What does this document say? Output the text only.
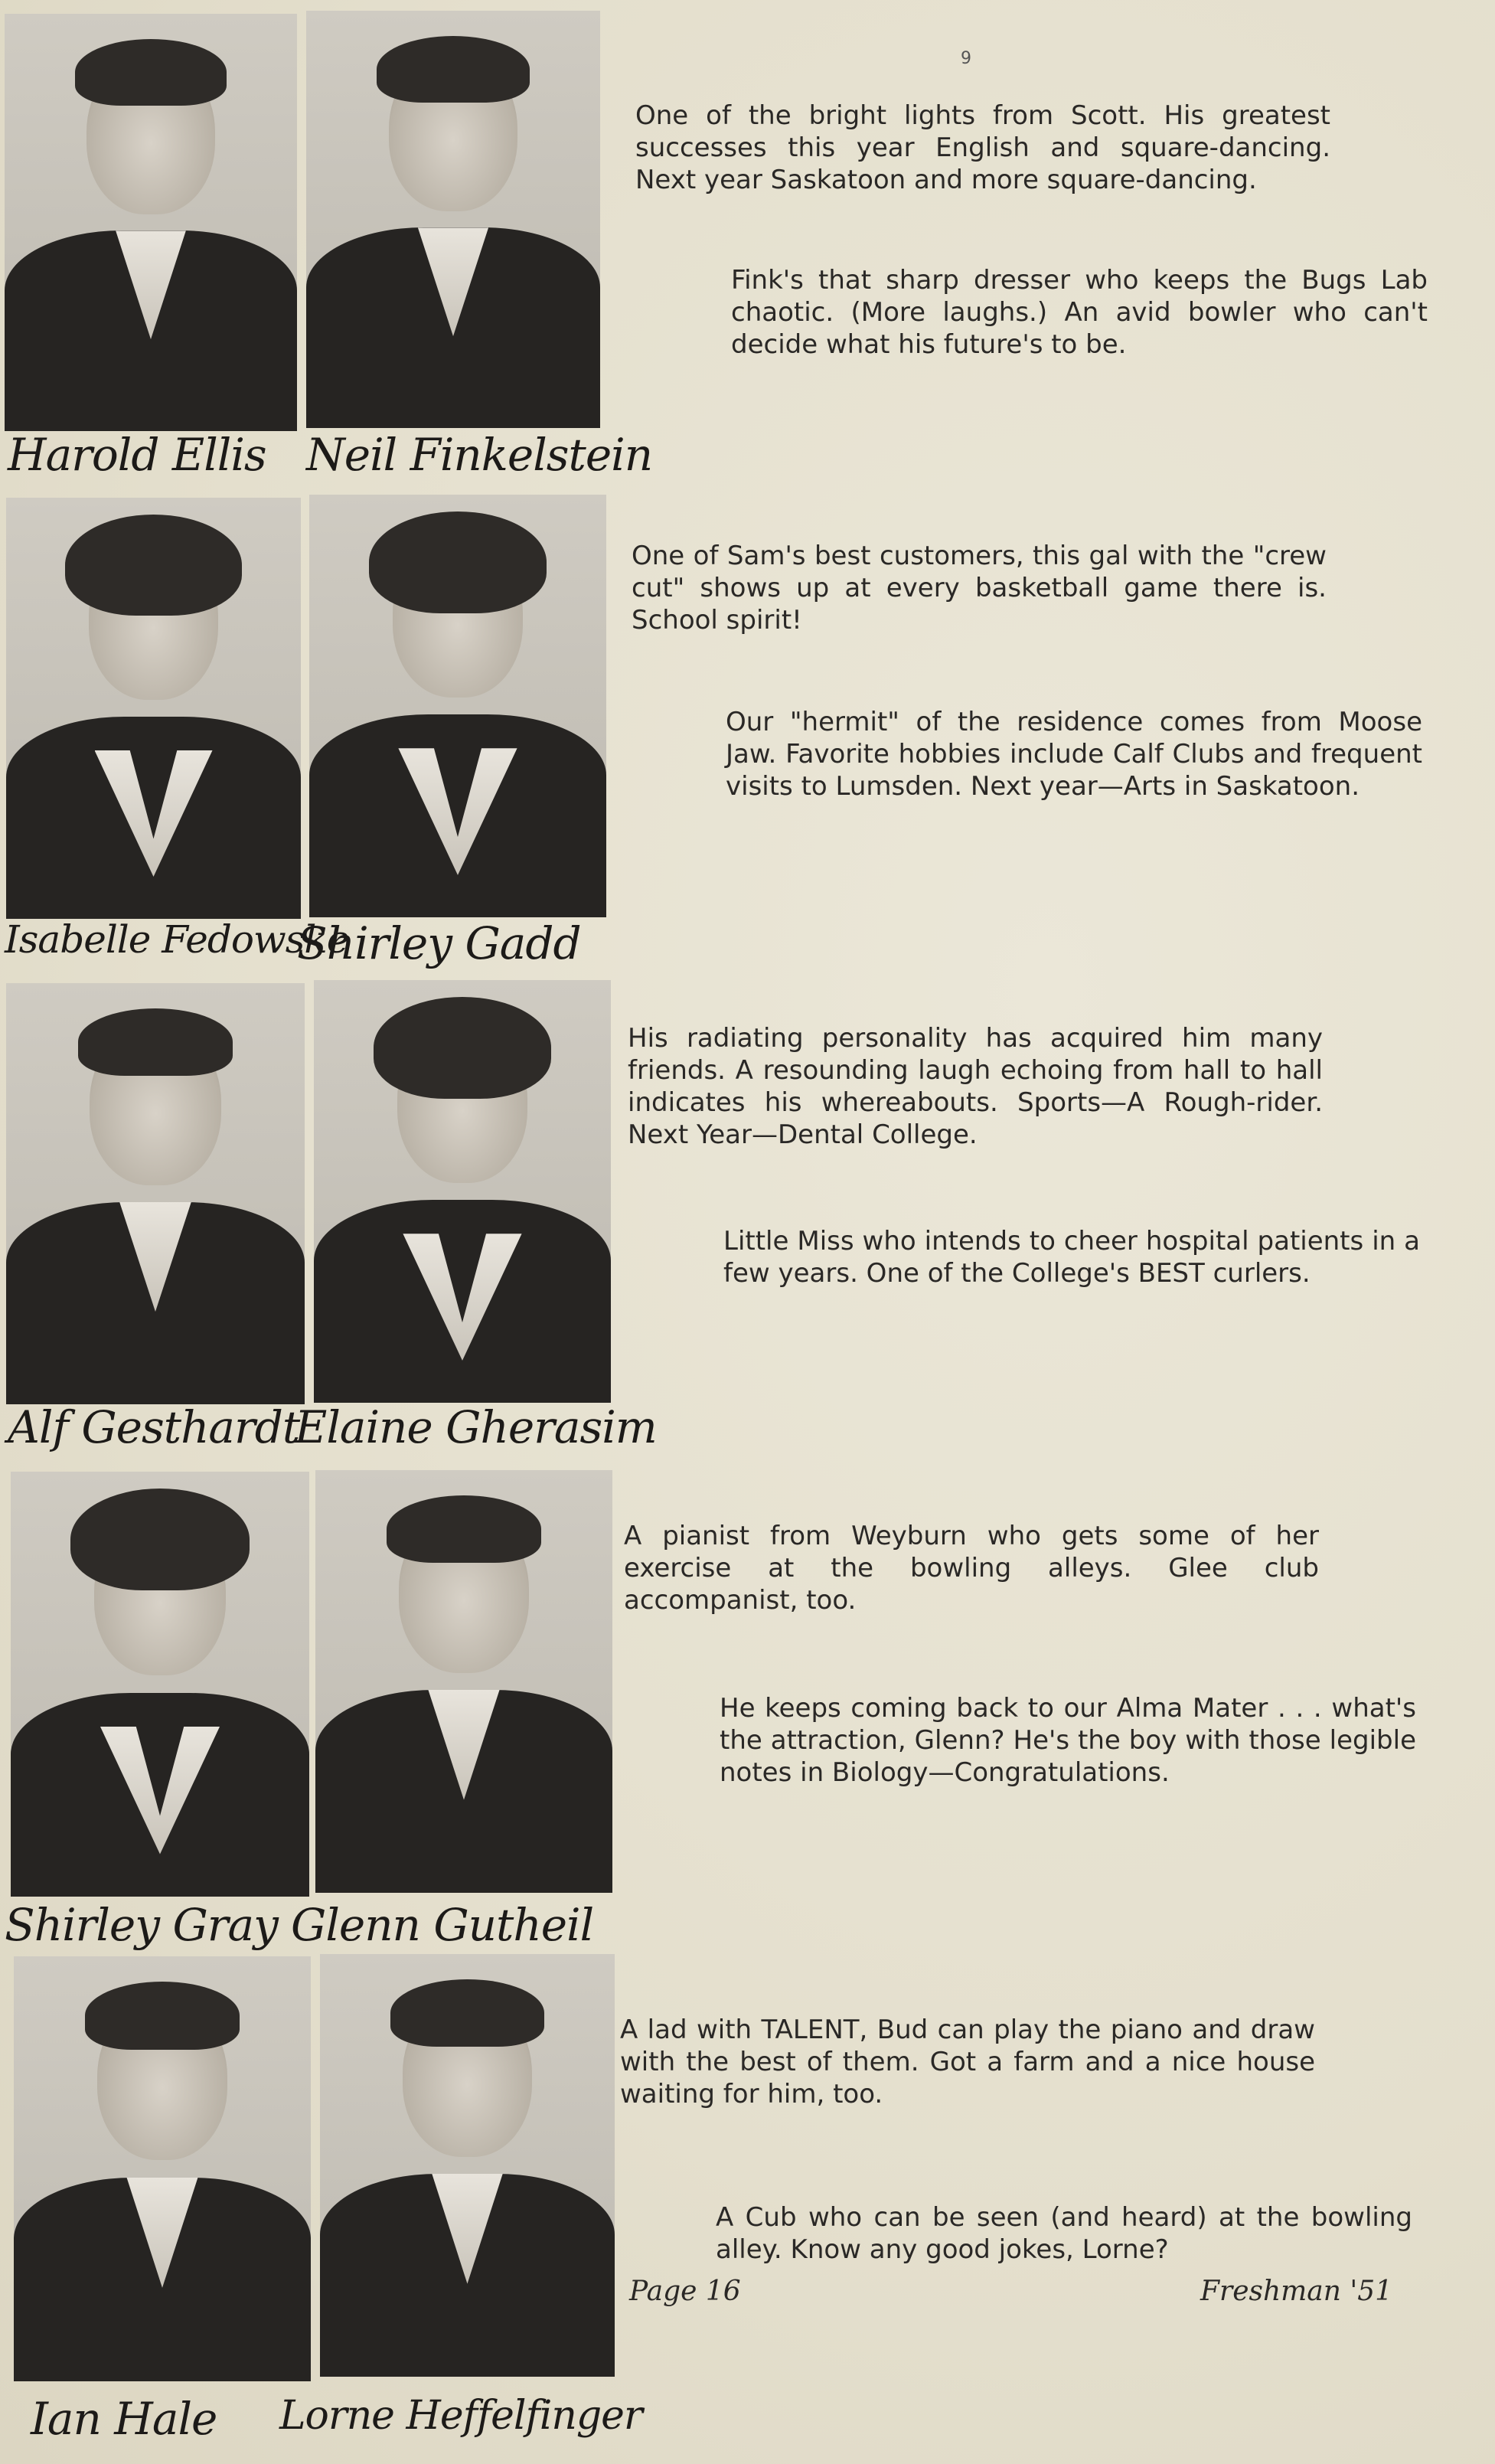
9
Harold Ellis Neil Finkelstein
One of the bright lights from Scott. His greatest successes this year English and square-dancing. Next year Saskatoon and more square-dancing.
Fink's that sharp dresser who keeps the Bugs Lab chaotic. (More laughs.) An avid bowler who can't decide what his future's to be.
Isabelle Fedowske
Shirley Gadd
One of Sam's best customers, this gal with the "crew cut" shows up at every basketball game there is. School spirit!
Our "hermit" of the residence comes from Moose Jaw. Favorite hobbies include Calf Clubs and frequent visits to Lumsden. Next year—Arts in Saskatoon.
Alf Gesthardt
Elaine Gherasim
His radiating personality has acquired him many friends. A resounding laugh echoing from hall to hall indicates his whereabouts. Sports—A Rough-rider. Next Year—Dental College.
Little Miss who intends to cheer hospital patients in a few years. One of the College's BEST curlers.
Shirley Gray Glenn Gutheil
A pianist from Weyburn who gets some of her exercise at the bowling alleys. Glee club accompanist, too.
He keeps coming back to our Alma Mater . . . what's the attraction, Glenn? He's the boy with those legible notes in Biology—Congratulations.
Ian Hale Lorne Heffelfinger
A lad with TALENT, Bud can play the piano and draw with the best of them. Got a farm and a nice house waiting for him, too.
A Cub who can be seen (and heard) at the bowling alley. Know any good jokes, Lorne?
Page 16	Freshman '51
